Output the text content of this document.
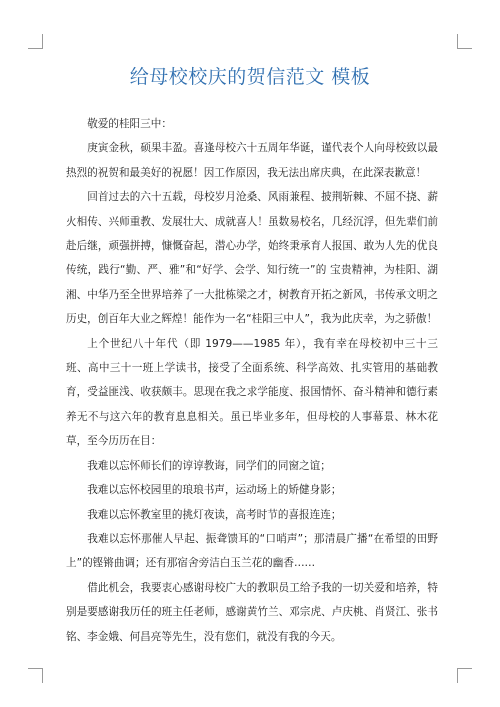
给母校校庆的贺信范文 模板

敬爱的桂阳三中：

庚寅金秋，硕果丰盈。喜逢母校六十五周年华诞，谨代表个人向母校致以最热烈的祝贺和最美好的祝愿！因工作原因，我无法出席庆典，在此深表歉意！

回首过去的六十五载，母校岁月沧桑、风雨兼程、披荆斩棘、不屈不挠、薪火相传、兴师重教、发展壮大、成就喜人！虽数易校名，几经沉浮，但先辈们前赴后继，顽强拼搏，慷慨奋起，潜心办学，始终秉承育人报国、敢为人先的优良传统，践行“勤、严、雅”和“好学、会学、知行统一”的 宝贵精神，为桂阳、湖湘、中华乃至全世界培养了一大批栋梁之才，树教育开拓之新风，书传承文明之历史，创百年大业之辉煌！能作为一名“桂阳三中人”，我为此庆幸，为之骄傲！

上个世纪八十年代（即 1979——1985 年），我有幸在母校初中三十三班、高中三十一班上学读书，接受了全面系统、科学高效、扎实管用的基础教育，受益匪浅、收获颇丰。思现在我之求学能度、报国情怀、奋斗精神和德行素养无不与这六年的教育息息相关。虽已毕业多年，但母校的人事幕景、林木花草，至今历历在目：

我难以忘怀师长们的谆谆教诲，同学们的同窗之谊；

我难以忘怀校园里的琅琅书声，运动场上的矫健身影；

我难以忘怀教室里的挑灯夜读，高考时节的喜报连连；

我难以忘怀那催人早起、振聋馈耳的“口哨声”；那清晨广播“在希望的田野上”的铿锵曲调；还有那宿舍旁洁白玉兰花的幽香……

借此机会，我要衷心感谢母校广大的教职员工给予我的一切关爱和培养，特别是要感谢我历任的班主任老师，感谢黄竹兰、邓宗虎、卢庆桃、肖贤江、张书铭、李金娥、何昌亮等先生，没有您们，就没有我的今天。
